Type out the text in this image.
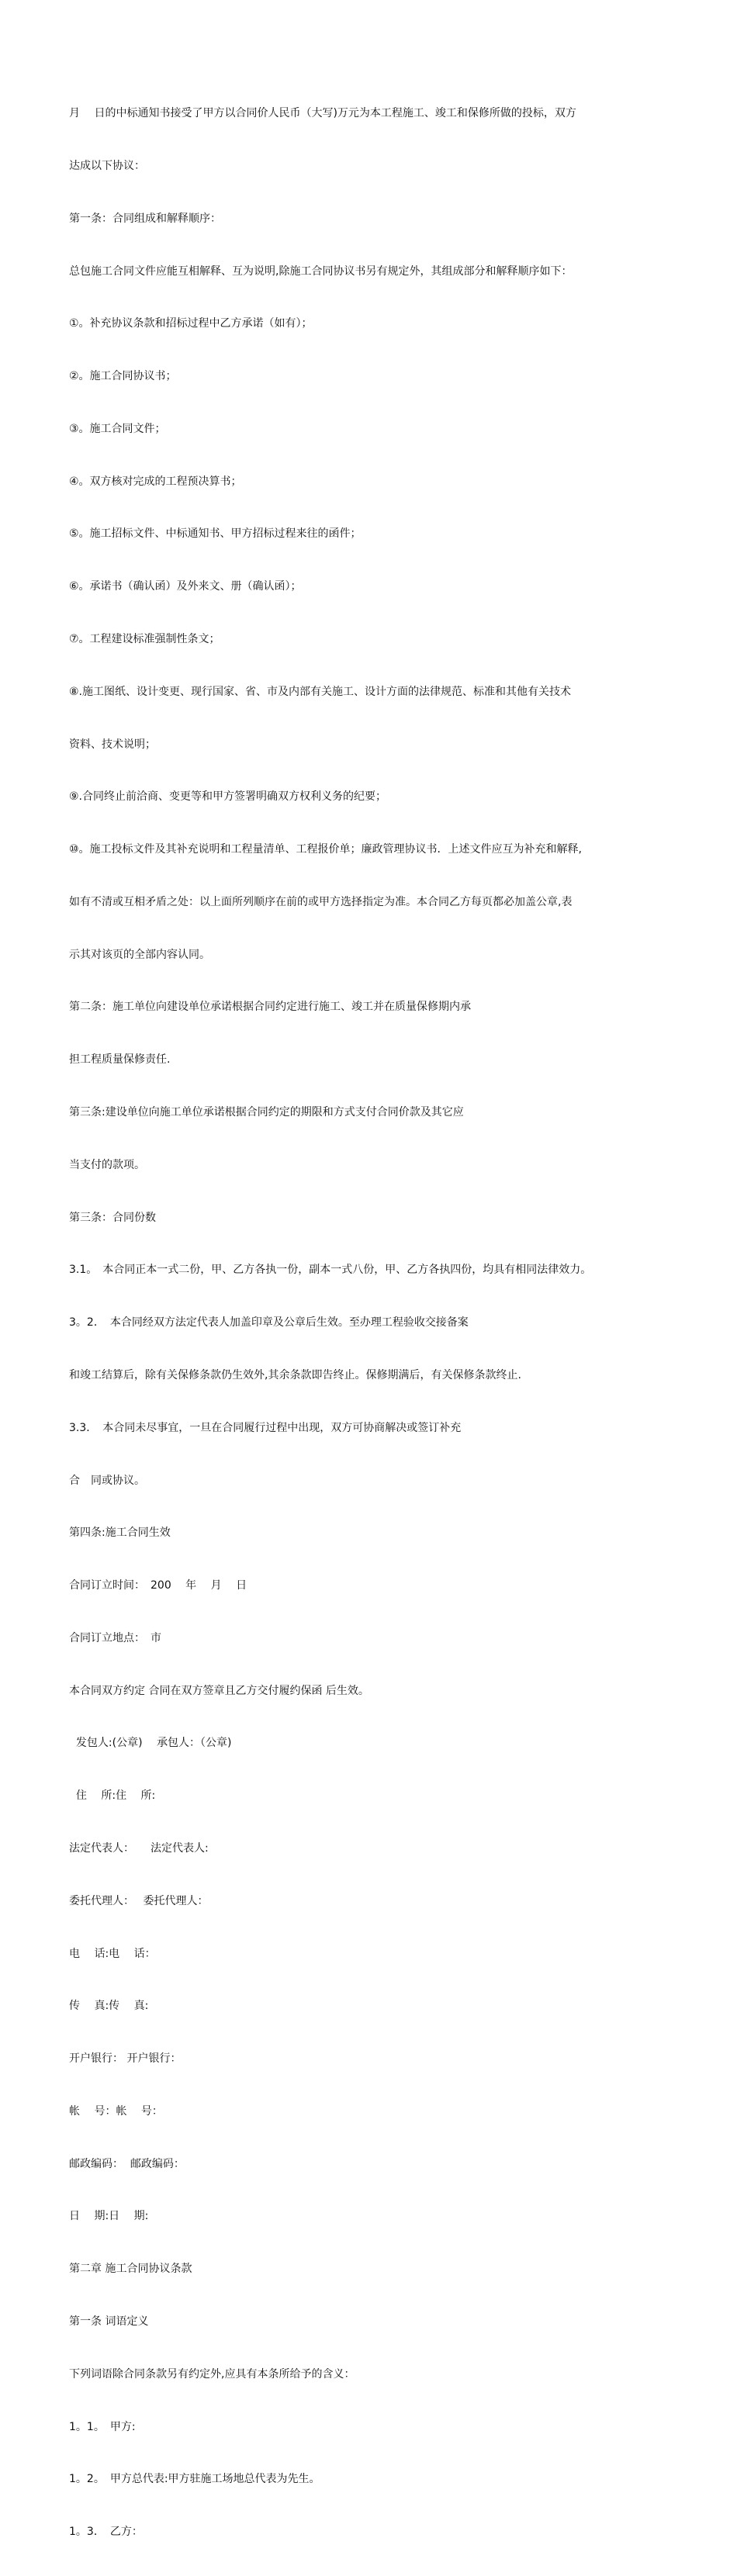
月　 日的中标通知书接受了甲方以合同价人民币（大写)万元为本工程施工、竣工和保修所做的投标，双方

达成以下协议：

第一条：合同组成和解释顺序：

总包施工合同文件应能互相解释、互为说明,除施工合同协议书另有规定外，其组成部分和解释顺序如下：

①。补充协议条款和招标过程中乙方承诺（如有）；

②。施工合同协议书；

③。施工合同文件；

④。双方核对完成的工程预决算书；

⑤。施工招标文件、中标通知书、甲方招标过程来往的函件；

⑥。承诺书（确认函）及外来文、册（确认函）；

⑦。工程建设标准强制性条文；

⑧.施工图纸、设计变更、现行国家、省、市及内部有关施工、设计方面的法律规范、标准和其他有关技术

资料、技术说明；

⑨.合同终止前洽商、变更等和甲方签署明确双方权利义务的纪要；

⑩。施工投标文件及其补充说明和工程量清单、工程报价单；廉政管理协议书．上述文件应互为补充和解释,

如有不清或互相矛盾之处：以上面所列顺序在前的或甲方选择指定为准。本合同乙方每页都必加盖公章,表

示其对该页的全部内容认同。

第二条：施工单位向建设单位承诺根据合同约定进行施工、竣工并在质量保修期内承

担工程质量保修责任.

第三条:建设单位向施工单位承诺根据合同约定的期限和方式支付合同价款及其它应

当支付的款项。

第三条：合同份数

3.1。　本合同正本一式二份，甲、乙方各执一份，副本一式八份，甲、乙方各执四份，均具有相同法律效力。

3。2．　本合同经双方法定代表人加盖印章及公章后生效。至办理工程验收交接备案

和竣工结算后，除有关保修条款仍生效外,其余条款即告终止。保修期满后，有关保修条款终止.

3.3．　本合同未尽事宜，一旦在合同履行过程中出现，双方可协商解决或签订补充

合　同或协议。

第四条:施工合同生效

合同订立时间：　200　 年　 月　 日

合同订立地点：　市

本合同双方约定 合同在双方签章且乙方交付履约保函 后生效。

发包人:(公章)　 承包人：（公章)

住　 所:住　 所:

法定代表人：　　法定代表人:

委托代理人：　 委托代理人：

电　 话:电　 话：

传　 真:传　 真:

开户银行： 开户银行：

帐　 号：帐　 号：

邮政编码：  邮政编码：

日　 期:日　 期:

第二章 施工合同协议条款

第一条 词语定义

下列词语除合同条款另有约定外,应具有本条所给予的含义：

1。1。　甲方:

1。2。　甲方总代表:甲方驻施工场地总代表为先生。

1。3．　乙方：
